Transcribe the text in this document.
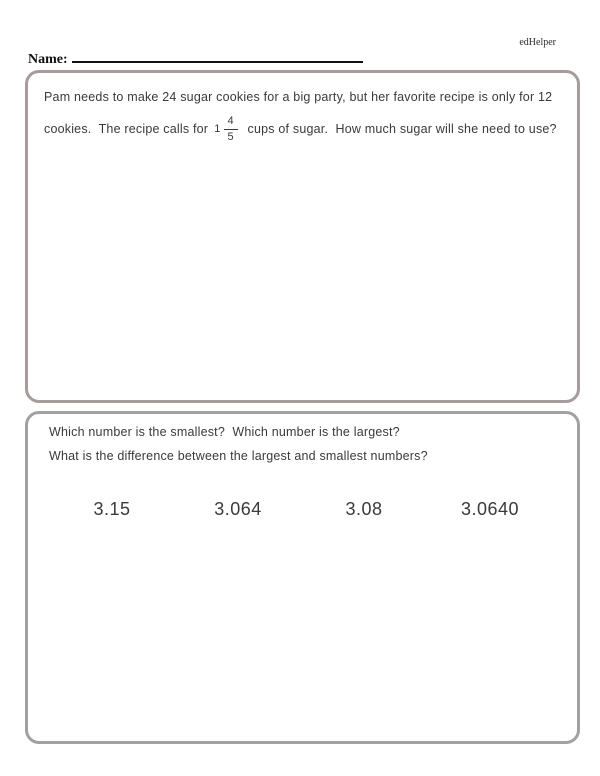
edHelper
Name:
Pam needs to make 24 sugar cookies for a big party, but her favorite recipe is only for 12
cookies.  The recipe calls for $1 \frac{4}{5}$ cups of sugar.  How much sugar will she need to use?
Which number is the smallest?  Which number is the largest?
What is the difference between the largest and smallest numbers?
3.15	3.064	3.08	3.0640
